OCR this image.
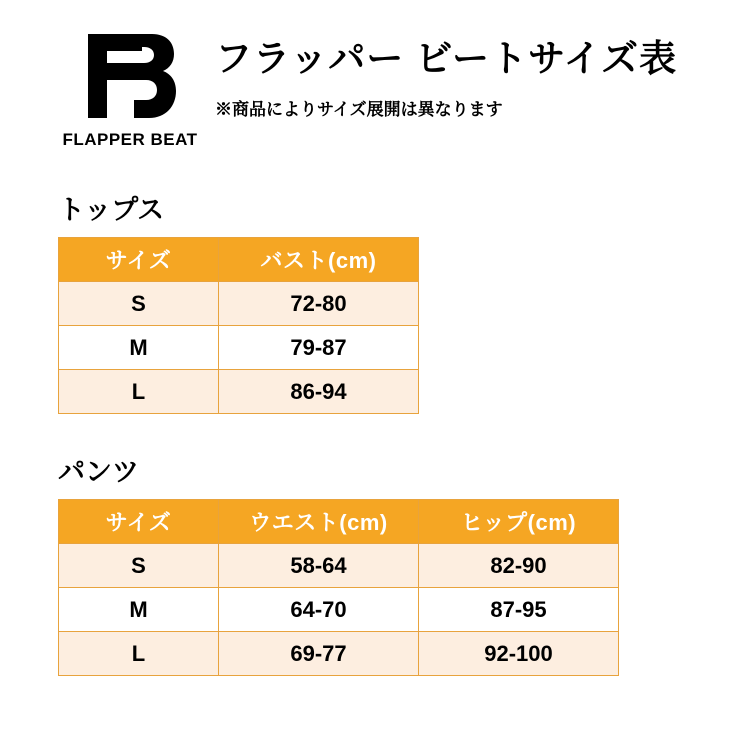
FLAPPER BEAT
フラッパー ビートサイズ表
※商品によりサイズ展開は異なります
トップス
サイズ	バスト(cm)
S	72-80
M	79-87
L	86-94
パンツ
サイズ	ウエスト(cm)	ヒップ(cm)
S	58-64	82-90
M	64-70	87-95
L	69-77	92-100
